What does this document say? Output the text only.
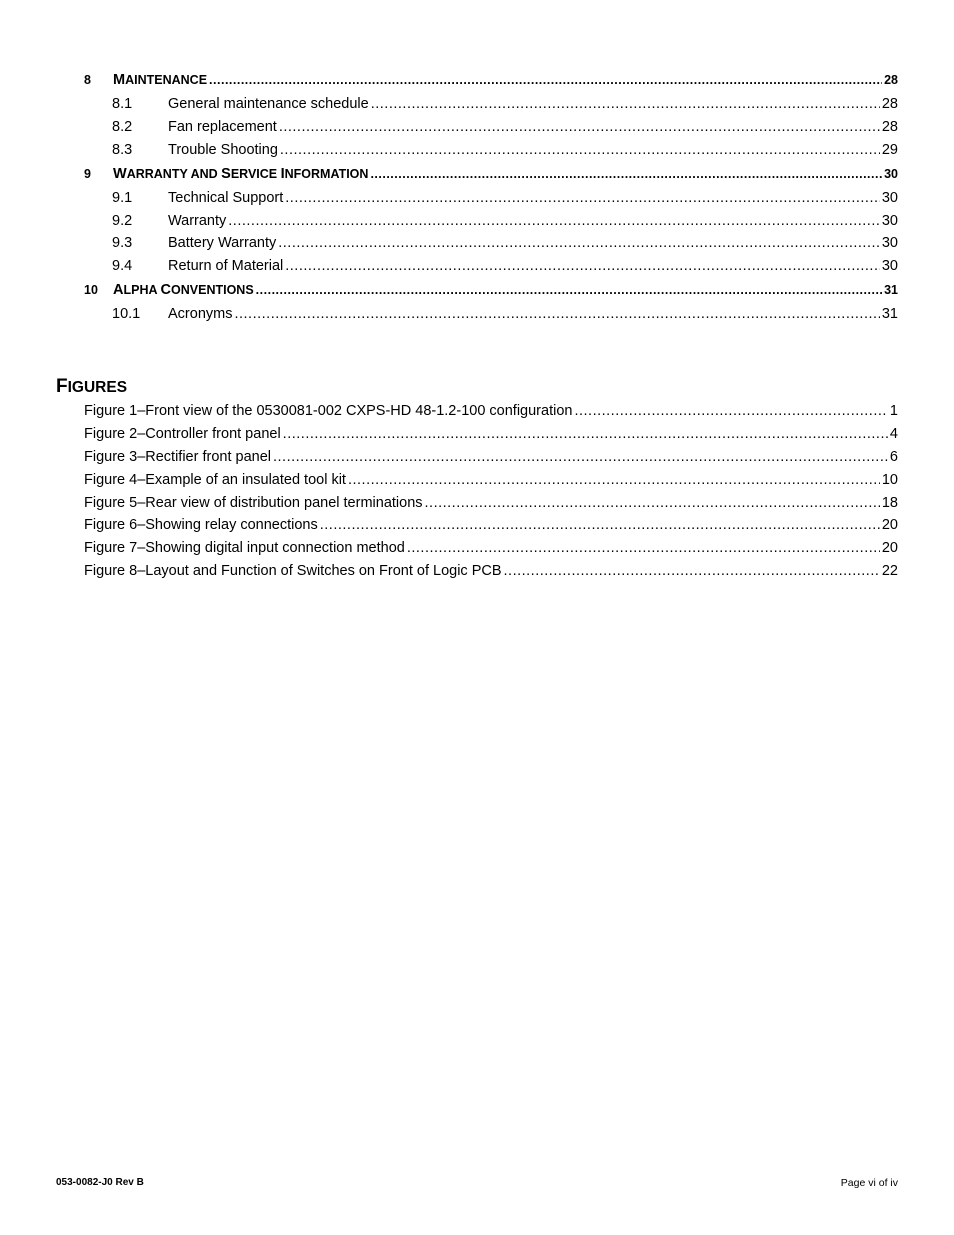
8	MAINTENANCE .....	28
8.1	General maintenance schedule .....	28
8.2	Fan replacement .....	28
8.3	Trouble Shooting .....	29
9	WARRANTY AND SERVICE INFORMATION .....	30
9.1	Technical Support .....	30
9.2	Warranty .....	30
9.3	Battery Warranty .....	30
9.4	Return of Material .....	30
10	ALPHA CONVENTIONS .....	31
10.1	Acronyms .....	31
FIGURES
Figure 1–Front view of the 0530081-002 CXPS-HD 48-1.2-100 configuration .....	1
Figure 2–Controller front panel .....	4
Figure 3–Rectifier front panel .....	6
Figure 4–Example of an insulated tool kit .....	10
Figure 5–Rear view of distribution panel terminations .....	18
Figure 6–Showing relay connections .....	20
Figure 7–Showing digital input connection method .....	20
Figure 8–Layout and Function of Switches on Front of Logic PCB .....	22
053-0082-J0 Rev B	Page vi of iv
